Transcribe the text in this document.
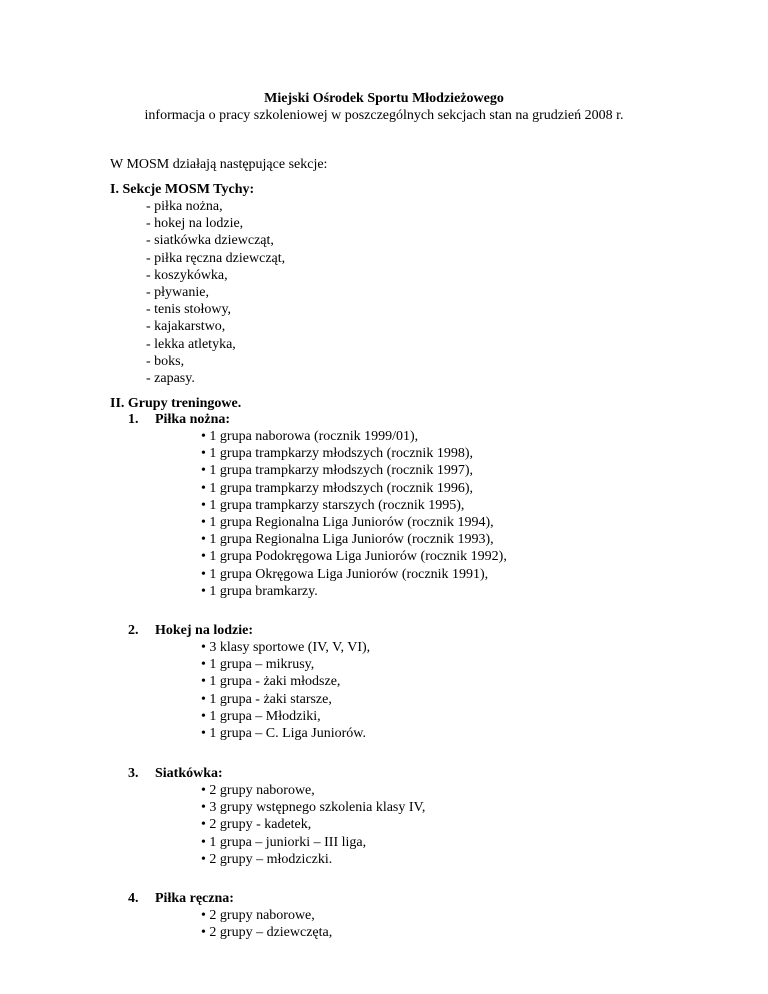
Miejski Ośrodek Sportu Młodzieżowego

informacja o pracy szkoleniowej w poszczególnych sekcjach stan na grudzień 2008 r.

W MOSM działają następujące sekcje:

I. Sekcje MOSM Tychy:

- piłka nożna,
- hokej na lodzie,
- siatkówka dziewcząt,
- piłka ręczna dziewcząt,
- koszykówka,
- pływanie,
- tenis stołowy,
- kajakarstwo,
- lekka atletyka,
- boks,
- zapasy.

II. Grupy treningowe.

1. Piłka nożna:

• 1 grupa naborowa (rocznik 1999/01),
• 1 grupa trampkarzy młodszych (rocznik 1998),
• 1 grupa trampkarzy młodszych (rocznik 1997),
• 1 grupa trampkarzy młodszych (rocznik 1996),
• 1 grupa trampkarzy starszych (rocznik 1995),
• 1 grupa Regionalna Liga Juniorów (rocznik 1994),
• 1 grupa Regionalna Liga Juniorów (rocznik 1993),
• 1 grupa Podokręgowa Liga Juniorów (rocznik 1992),
• 1 grupa Okręgowa Liga Juniorów (rocznik 1991),
• 1 grupa bramkarzy.

2. Hokej na lodzie:

• 3 klasy sportowe (IV, V, VI),
• 1 grupa – mikrusy,
• 1 grupa - żaki młodsze,
• 1 grupa - żaki starsze,
• 1 grupa – Młodziki,
• 1 grupa – C. Liga Juniorów.

3. Siatkówka:

• 2 grupy naborowe,
• 3 grupy wstępnego szkolenia klasy IV,
• 2 grupy - kadetek,
• 1 grupa – juniorki – III liga,
• 2 grupy – młodziczki.

4. Piłka ręczna:

• 2 grupy naborowe,
• 2 grupy – dziewczęta,
